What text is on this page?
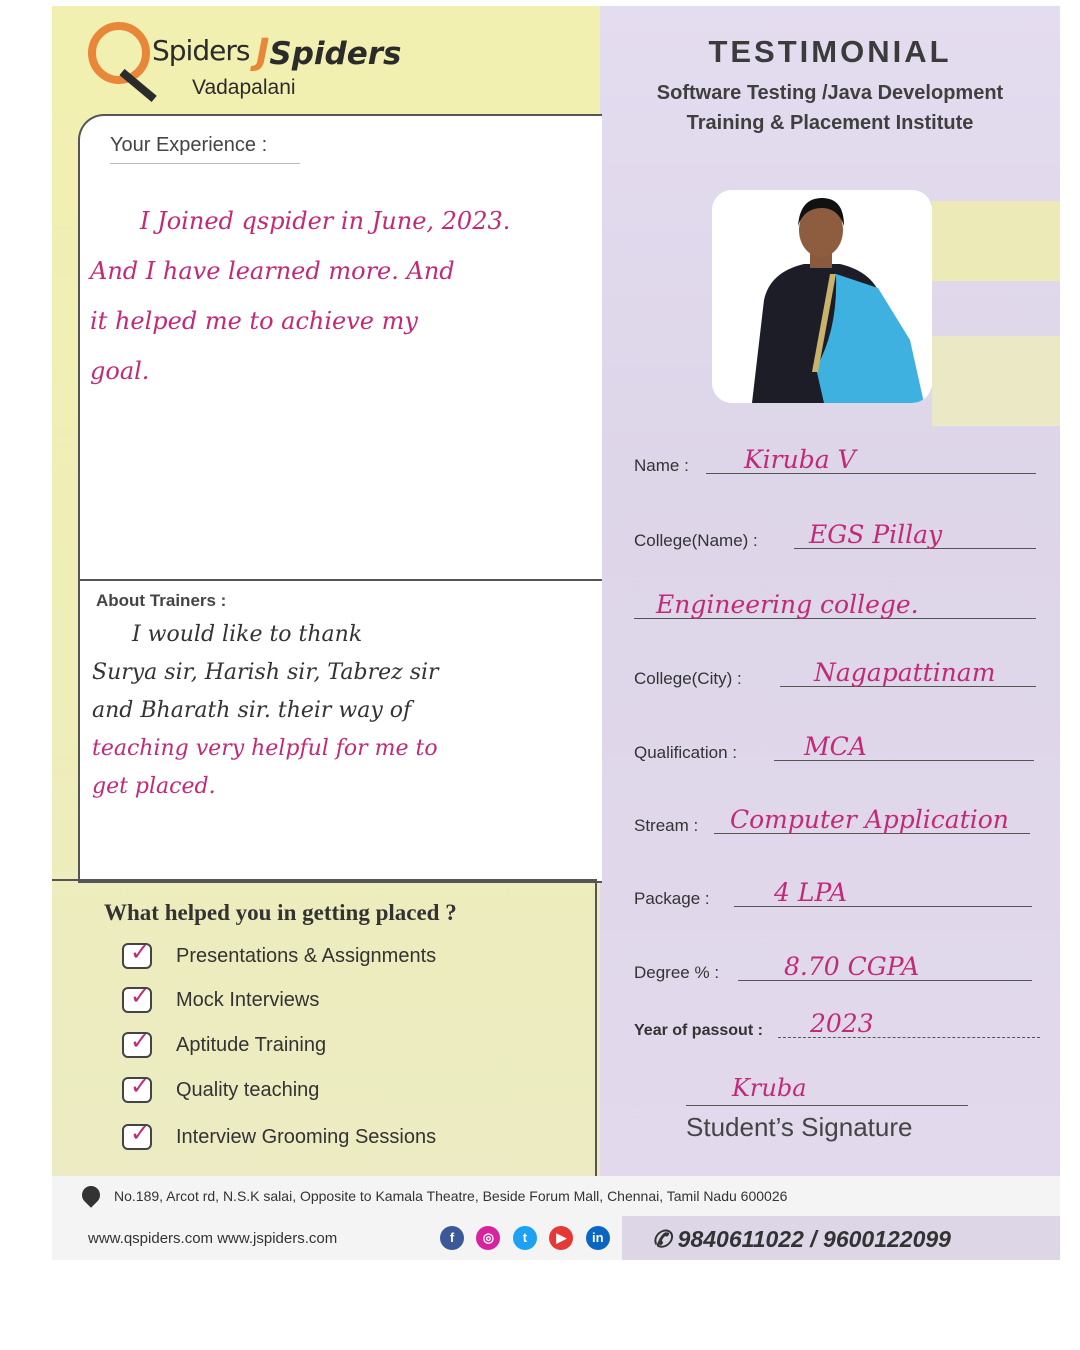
Spiders JSpiders
Vadapalani
TESTIMONIAL
Software Testing /Java Development
Training & Placement Institute
Your Experience :
I Joined qspider in June, 2023.
And I have learned more. And
it helped me to achieve my
goal.
About Trainers :
I would like to thank
Surya sir, Harish sir, Tabrez sir
and Bharath sir. their way of
teaching very helpful for me to
get placed.
What helped you in getting placed ?
✓ Presentations & Assignments
✓ Mock Interviews
✓ Aptitude Training
✓ Quality teaching
✓ Interview Grooming Sessions
Name : Kiruba V
College(Name) : EGS Pillay
Engineering college.
College(City) :	Nagapattinam
Qualification :	MCA
Stream : Computer Application
Package :	4 LPA
Degree % :	8.70 CGPA
Year of passout : 2023
Kruba
Student’s Signature
No.189, Arcot rd, N.S.K salai, Opposite to Kamala Theatre, Beside Forum Mall, Chennai, Tamil Nadu 600026
www.qspiders.com www.jspiders.com	f ◎ t ▶ in	✆ 9840611022 / 9600122099
